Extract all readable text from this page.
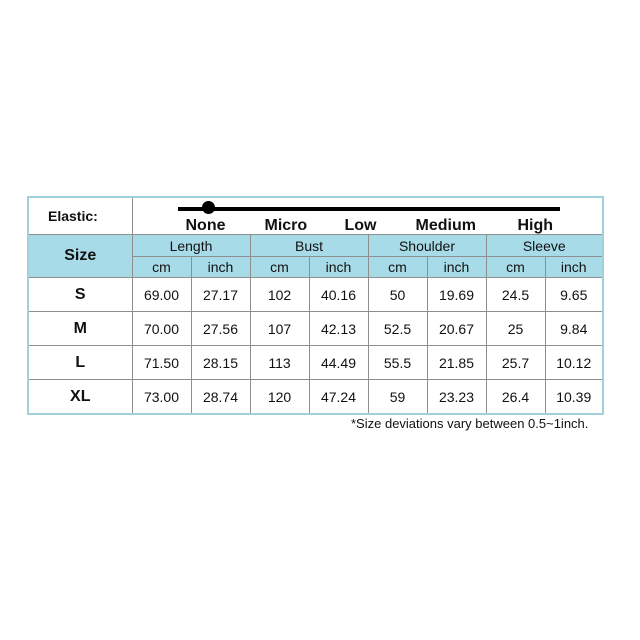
Elastic:	None Micro Low Medium High							

Size	Length		Bust		Shoulder		Sleeve	
	cm	inch	cm	inch	cm	inch	cm	inch
S	69.00	27.17	102	40.16	50	19.69	24.5	9.65
M	70.00	27.56	107	42.13	52.5	20.67	25	9.84
L	71.50	28.15	113	44.49	55.5	21.85	25.7	10.12
XL	73.00	28.74	120	47.24	59	23.23	26.4	10.39
*Size deviations vary between 0.5~1inch.
